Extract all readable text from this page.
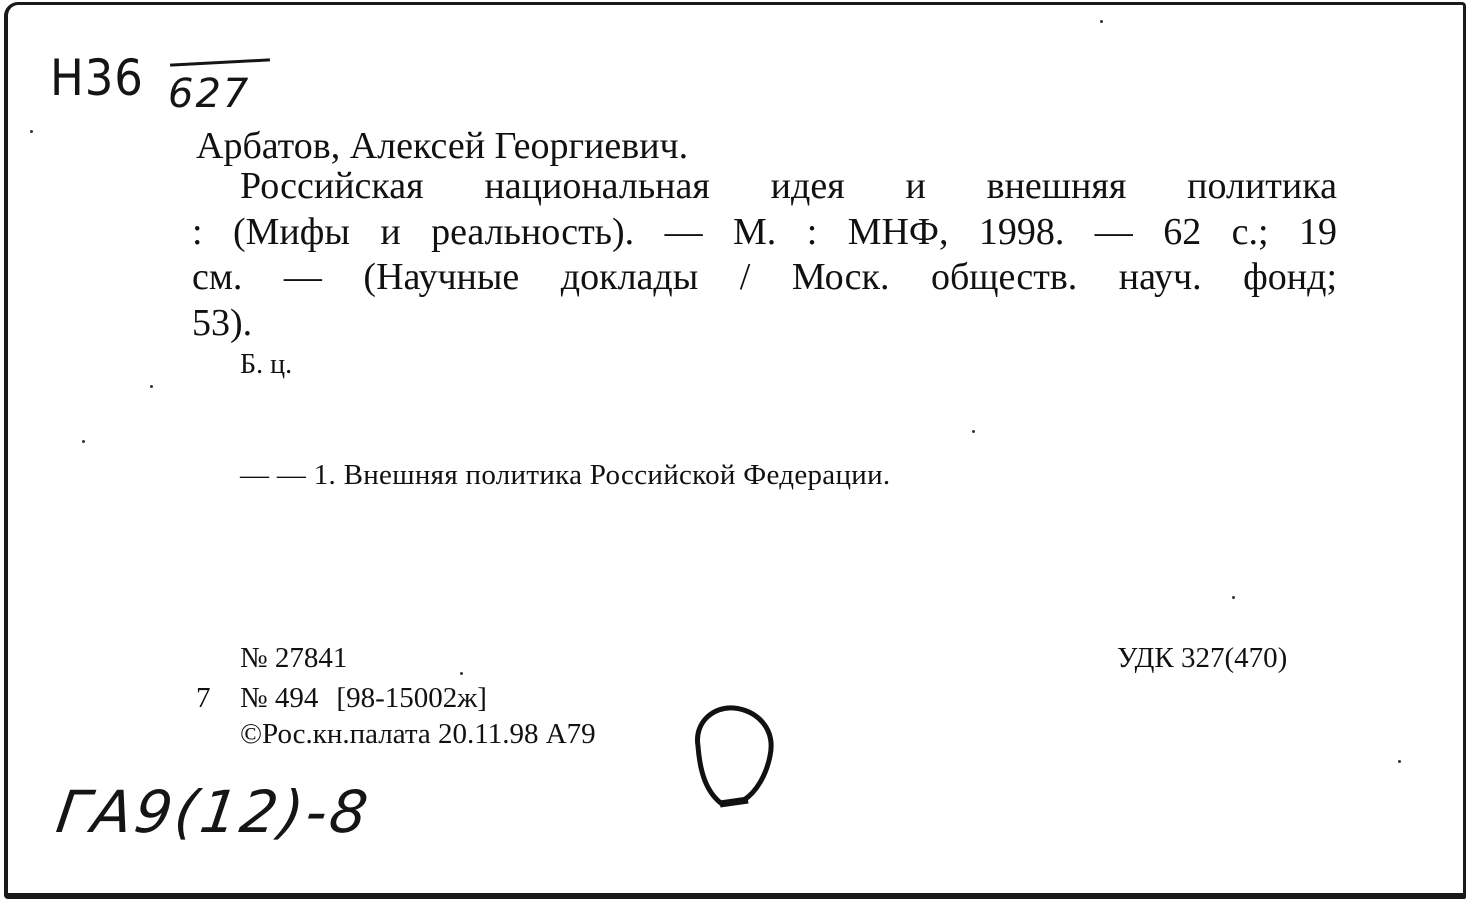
Н36 627
Арбатов, Алексей Георгиевич.
Российская национальная идея и внешняя политика
: (Мифы и реальность). — М. : МНФ, 1998. — 62 с.; 19
см. — (Научные доклады / Моск. обществ. науч. фонд;
53).
Б. ц.
— — 1. Внешняя политика Российской Федерации.
№ 27841	УДК 327(470)
7 № 494 [98-15002ж]
©Рос.кн.палата 20.11.98 А79
ГА9(12)-8
